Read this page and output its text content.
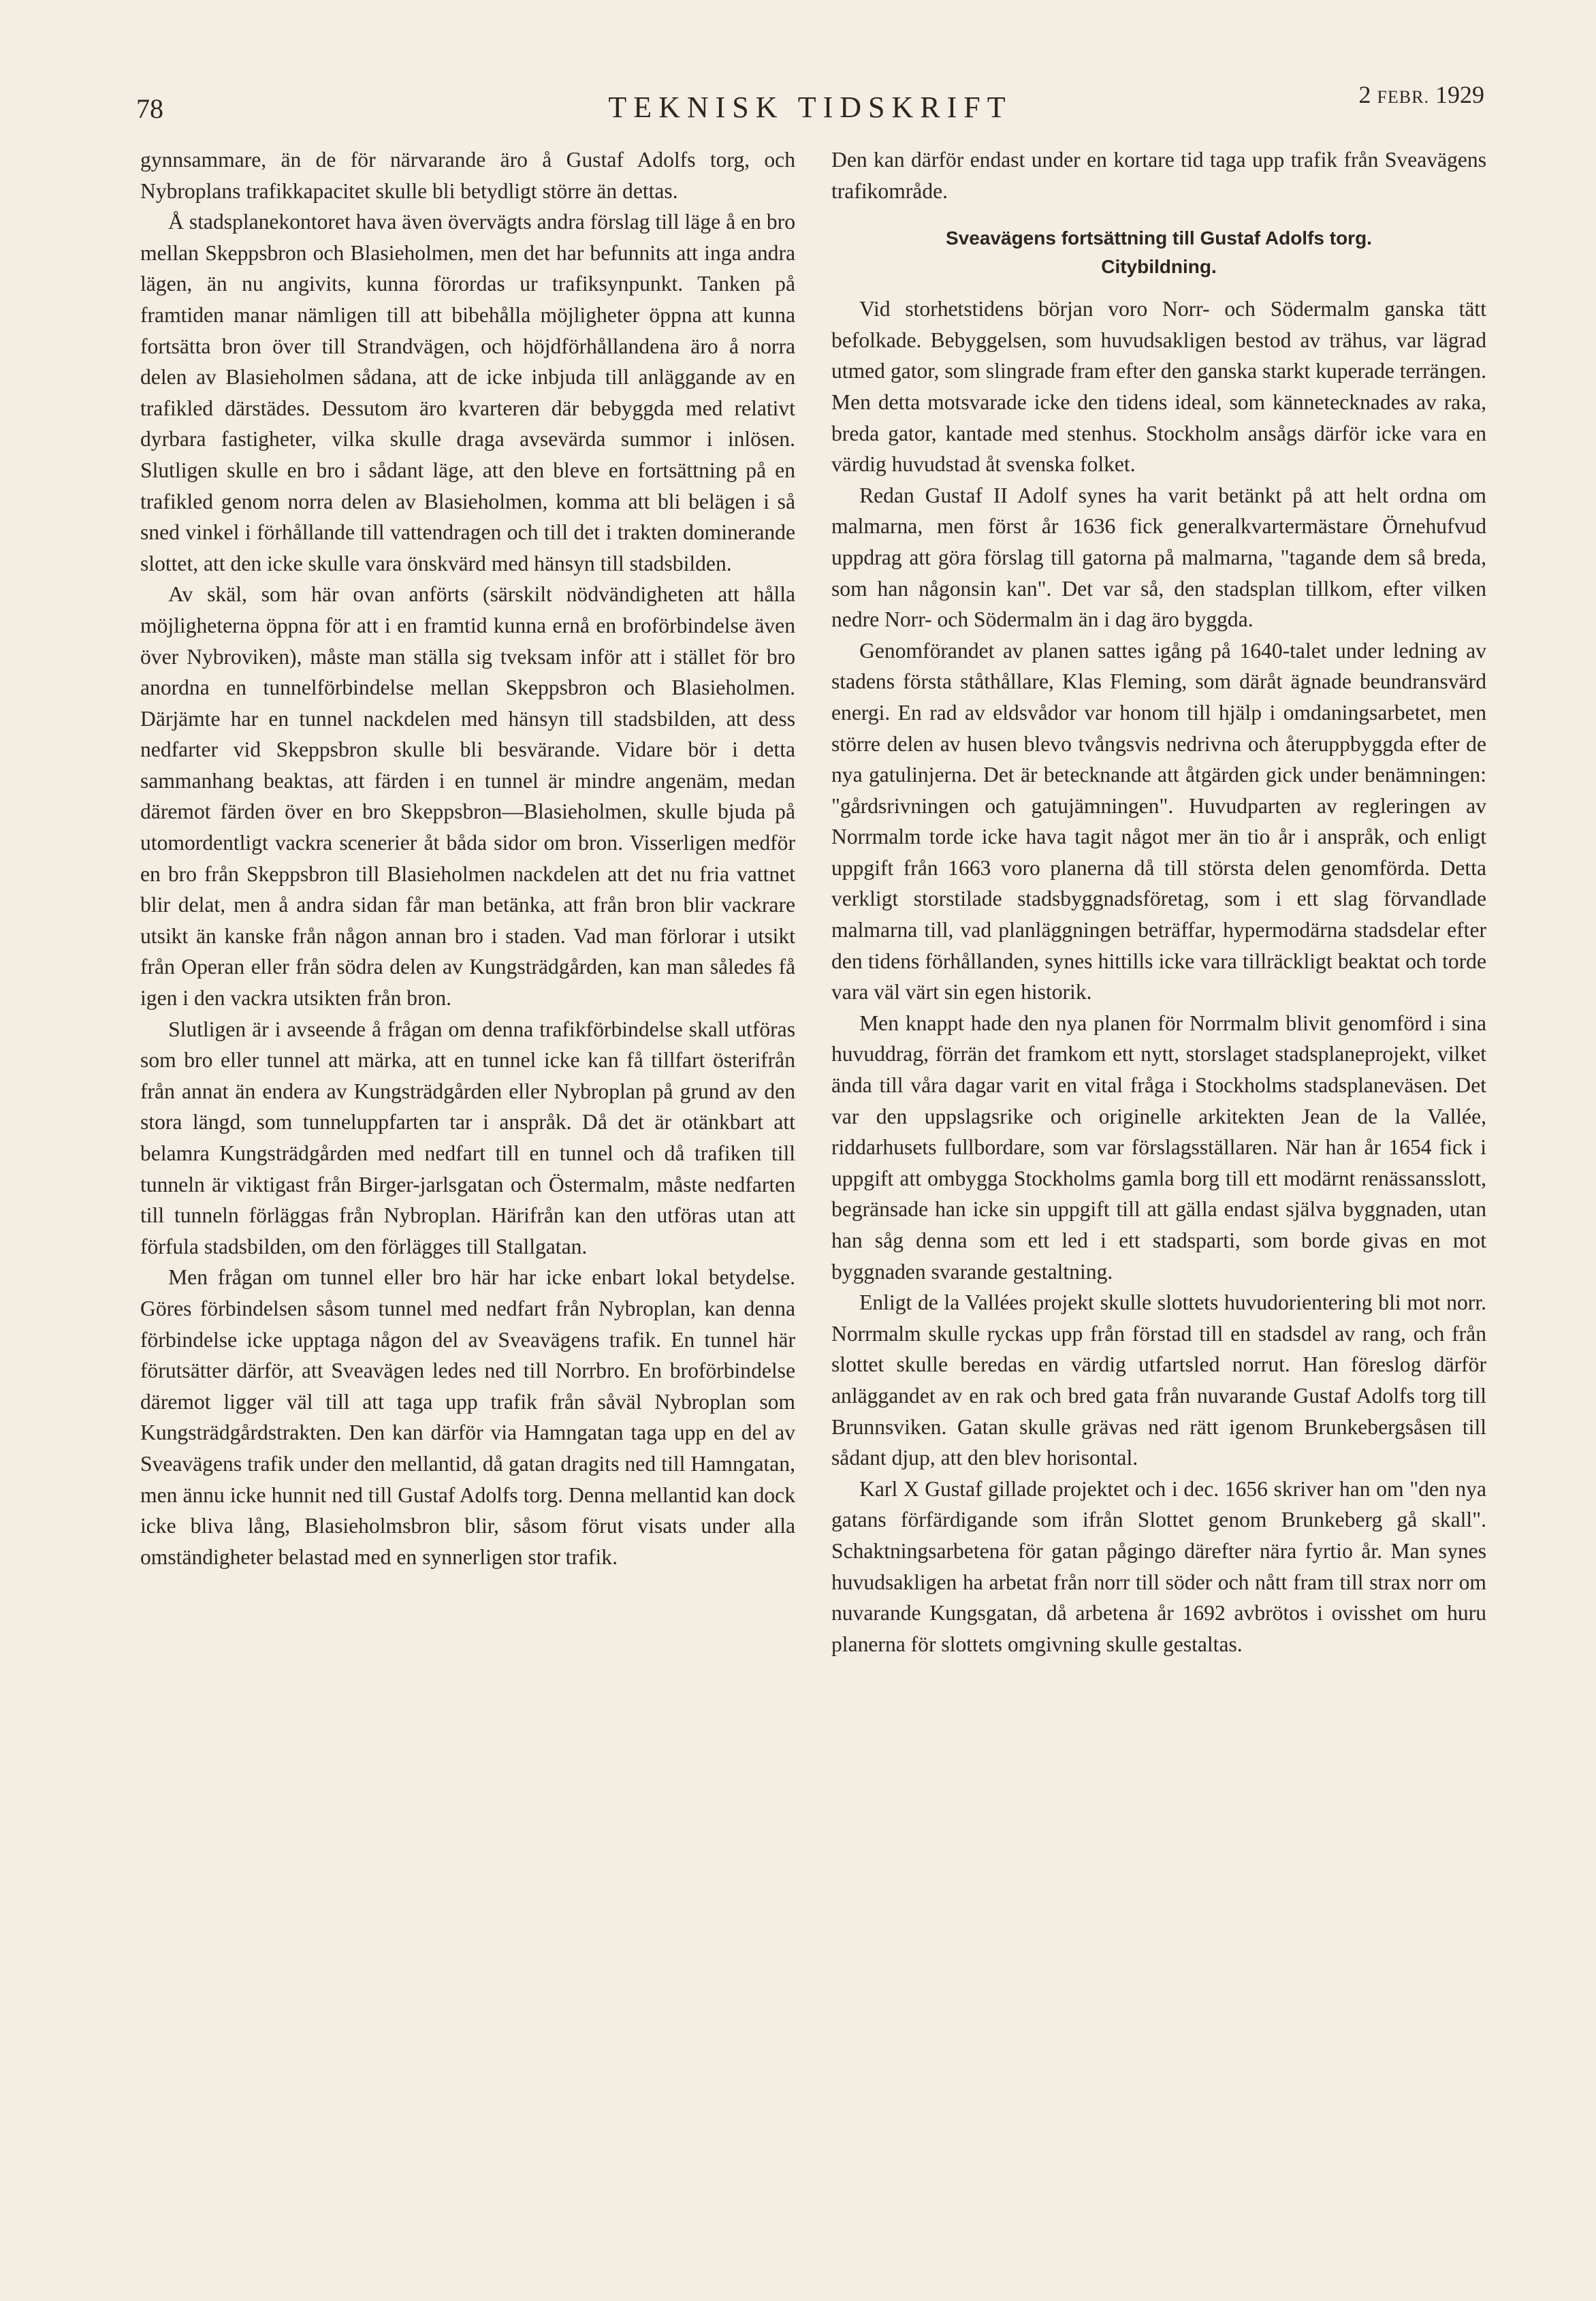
78	TEKNISK TIDSKRIFT	2 FEBR. 1929

gynnsammare, än de för närvarande äro å Gustaf Adolfs torg, och Nybroplans trafikkapacitet skulle bli betydligt större än dettas.

Å stadsplanekontoret hava även övervägts andra förslag till läge å en bro mellan Skeppsbron och Blasieholmen, men det har befunnits att inga andra lägen, än nu angivits, kunna förordas ur trafiksynpunkt. Tanken på framtiden manar nämligen till att bibehålla möjligheter öppna att kunna fortsätta bron över till Strandvägen, och höjdförhållandena äro å norra delen av Blasieholmen sådana, att de icke inbjuda till anläggande av en trafikled därstädes. Dessutom äro kvarteren där bebyggda med relativt dyrbara fastigheter, vilka skulle draga avsevärda summor i inlösen. Slutligen skulle en bro i sådant läge, att den bleve en fortsättning på en trafikled genom norra delen av Blasieholmen, komma att bli belägen i så sned vinkel i förhållande till vattendragen och till det i trakten dominerande slottet, att den icke skulle vara önskvärd med hänsyn till stadsbilden.

Av skäl, som här ovan anförts (särskilt nödvändigheten att hålla möjligheterna öppna för att i en framtid kunna ernå en broförbindelse även över Nybroviken), måste man ställa sig tveksam inför att i stället för bro anordna en tunnelförbindelse mellan Skeppsbron och Blasieholmen. Därjämte har en tunnel nackdelen med hänsyn till stadsbilden, att dess nedfarter vid Skeppsbron skulle bli besvärande. Vidare bör i detta sammanhang beaktas, att färden i en tunnel är mindre angenäm, medan däremot färden över en bro Skeppsbron—Blasieholmen, skulle bjuda på utomordentligt vackra scenerier åt båda sidor om bron. Visserligen medför en bro från Skeppsbron till Blasieholmen nackdelen att det nu fria vattnet blir delat, men å andra sidan får man betänka, att från bron blir vackrare utsikt än kanske från någon annan bro i staden. Vad man förlorar i utsikt från Operan eller från södra delen av Kungsträdgården, kan man således få igen i den vackra utsikten från bron.

Slutligen är i avseende å frågan om denna trafikförbindelse skall utföras som bro eller tunnel att märka, att en tunnel icke kan få tillfart österifrån från annat än endera av Kungsträdgården eller Nybroplan på grund av den stora längd, som tunneluppfarten tar i anspråk. Då det är otänkbart att belamra Kungsträdgården med nedfart till en tunnel och då trafiken till tunneln är viktigast från Birger-jarlsgatan och Östermalm, måste nedfarten till tunneln förläggas från Nybroplan. Härifrån kan den utföras utan att förfula stadsbilden, om den förlägges till Stallgatan.

Men frågan om tunnel eller bro här har icke enbart lokal betydelse. Göres förbindelsen såsom tunnel med nedfart från Nybroplan, kan denna förbindelse icke upptaga någon del av Sveavägens trafik. En tunnel här förutsätter därför, att Sveavägen ledes ned till Norrbro. En broförbindelse däremot ligger väl till att taga upp trafik från såväl Nybroplan som Kungsträdgårdstrakten. Den kan därför via Hamngatan taga upp en del av Sveavägens trafik under den mellantid, då gatan dragits ned till Hamngatan, men ännu icke hunnit ned till Gustaf Adolfs torg. Denna mellantid kan dock icke bliva lång, Blasieholmsbron blir, såsom förut visats under alla omständigheter belastad med en synnerligen stor trafik.

Den kan därför endast under en kortare tid taga upp trafik från Sveavägens trafikområde.

Sveavägens fortsättning till Gustaf Adolfs torg.
Citybildning.

Vid storhetstidens början voro Norr- och Södermalm ganska tätt befolkade. Bebyggelsen, som huvudsakligen bestod av trähus, var lägrad utmed gator, som slingrade fram efter den ganska starkt kuperade terrängen. Men detta motsvarade icke den tidens ideal, som kännetecknades av raka, breda gator, kantade med stenhus. Stockholm ansågs därför icke vara en värdig huvudstad åt svenska folket.

Redan Gustaf II Adolf synes ha varit betänkt på att helt ordna om malmarna, men först år 1636 fick generalkvartermästare Örnehufvud uppdrag att göra förslag till gatorna på malmarna, "tagande dem så breda, som han någonsin kan". Det var så, den stadsplan tillkom, efter vilken nedre Norr- och Södermalm än i dag äro byggda.

Genomförandet av planen sattes igång på 1640-talet under ledning av stadens första ståthållare, Klas Fleming, som däråt ägnade beundransvärd energi. En rad av eldsvådor var honom till hjälp i omdaningsarbetet, men större delen av husen blevo tvångsvis nedrivna och återuppbyggda efter de nya gatulinjerna. Det är betecknande att åtgärden gick under benämningen: "gårdsrivningen och gatujämningen". Huvudparten av regleringen av Norrmalm torde icke hava tagit något mer än tio år i anspråk, och enligt uppgift från 1663 voro planerna då till största delen genomförda. Detta verkligt storstilade stadsbyggnadsföretag, som i ett slag förvandlade malmarna till, vad planläggningen beträffar, hypermodärna stadsdelar efter den tidens förhållanden, synes hittills icke vara tillräckligt beaktat och torde vara väl värt sin egen historik.

Men knappt hade den nya planen för Norrmalm blivit genomförd i sina huvuddrag, förrän det framkom ett nytt, storslaget stadsplaneprojekt, vilket ända till våra dagar varit en vital fråga i Stockholms stadsplaneväsen. Det var den uppslagsrike och originelle arkitekten Jean de la Vallée, riddarhusets fullbordare, som var förslagsställaren. När han år 1654 fick i uppgift att ombygga Stockholms gamla borg till ett modärnt renässansslott, begränsade han icke sin uppgift till att gälla endast själva byggnaden, utan han såg denna som ett led i ett stadsparti, som borde givas en mot byggnaden svarande gestaltning.

Enligt de la Vallées projekt skulle slottets huvudorientering bli mot norr. Norrmalm skulle ryckas upp från förstad till en stadsdel av rang, och från slottet skulle beredas en värdig utfartsled norrut. Han föreslog därför anläggandet av en rak och bred gata från nuvarande Gustaf Adolfs torg till Brunnsviken. Gatan skulle grävas ned rätt igenom Brunkebergsåsen till sådant djup, att den blev horisontal.

Karl X Gustaf gillade projektet och i dec. 1656 skriver han om "den nya gatans förfärdigande som ifrån Slottet genom Brunkeberg gå skall". Schaktningsarbetena för gatan pågingo därefter nära fyrtio år. Man synes huvudsakligen ha arbetat från norr till söder och nått fram till strax norr om nuvarande Kungsgatan, då arbetena år 1692 avbrötos i ovisshet om huru planerna för slottets omgivning skulle gestaltas.
